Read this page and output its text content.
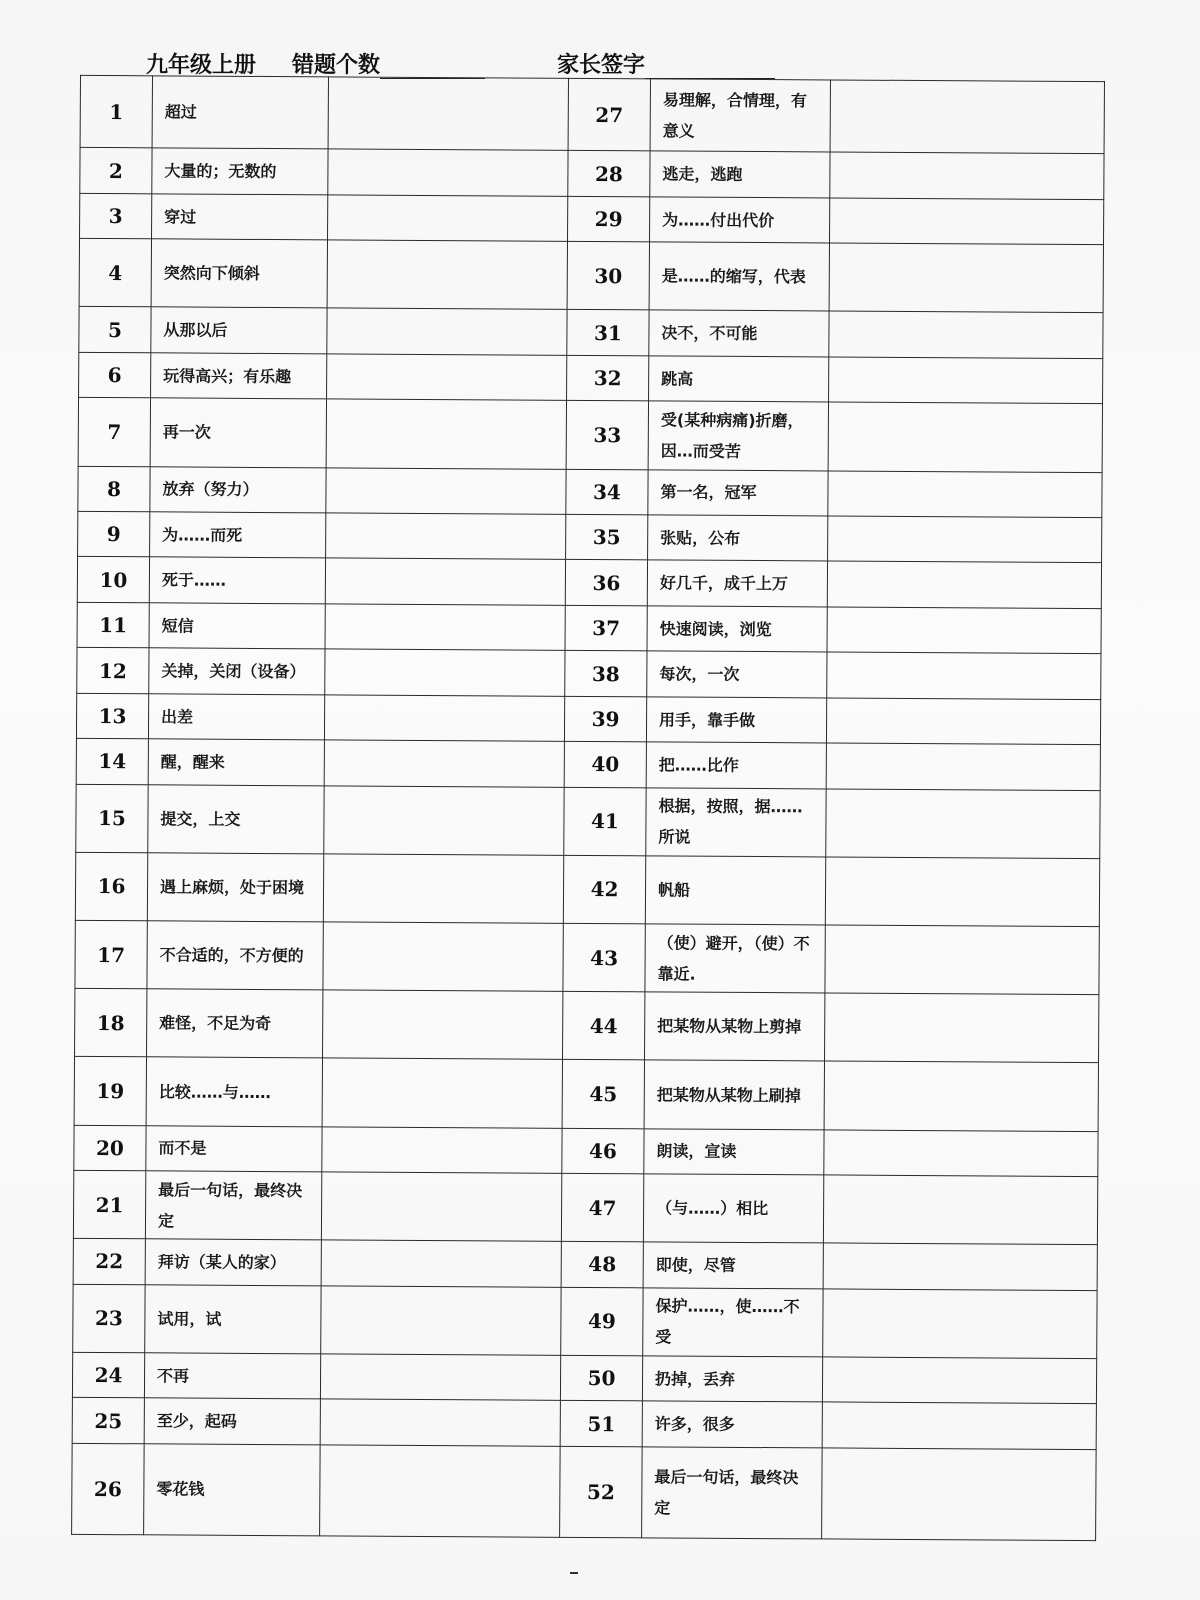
九年级上册 错题个数	家长签字
1	超过		27	易理解，合情理，有意义	
2	大量的；无数的		28	逃走，逃跑	
3	穿过		29	为……付出代价	
4	突然向下倾斜		30	是……的缩写，代表	
5	从那以后		31	决不，不可能	
6	玩得高兴；有乐趣		32	跳高	
7	再一次		33	受(某种病痛)折磨，因…而受苦	
8	放弃（努力）		34	第一名，冠军	
9	为……而死		35	张贴，公布	
10	死于……		36	好几千，成千上万	
11	短信		37	快速阅读，浏览	
12	关掉，关闭（设备）		38	每次，一次	
13	出差		39	用手，靠手做	
14	醒，醒来		40	把……比作	
15	提交，上交		41	根据，按照，据……所说	
16	遇上麻烦，处于困境		42	帆船	
17	不合适的，不方便的		43	（使）避开，（使）不靠近.	
18	难怪，不足为奇		44	把某物从某物上剪掉	
19	比较……与……		45	把某物从某物上刷掉	
20	而不是		46	朗读，宣读	
21	最后一句话，最终决定		47	（与……）相比	
22	拜访（某人的家）		48	即使，尽管	
23	试用，试		49	保护……，使……不受	
24	不再		50	扔掉，丢弃	
25	至少，起码		51	许多，很多	
26	零花钱		52	最后一句话，最终决定	
